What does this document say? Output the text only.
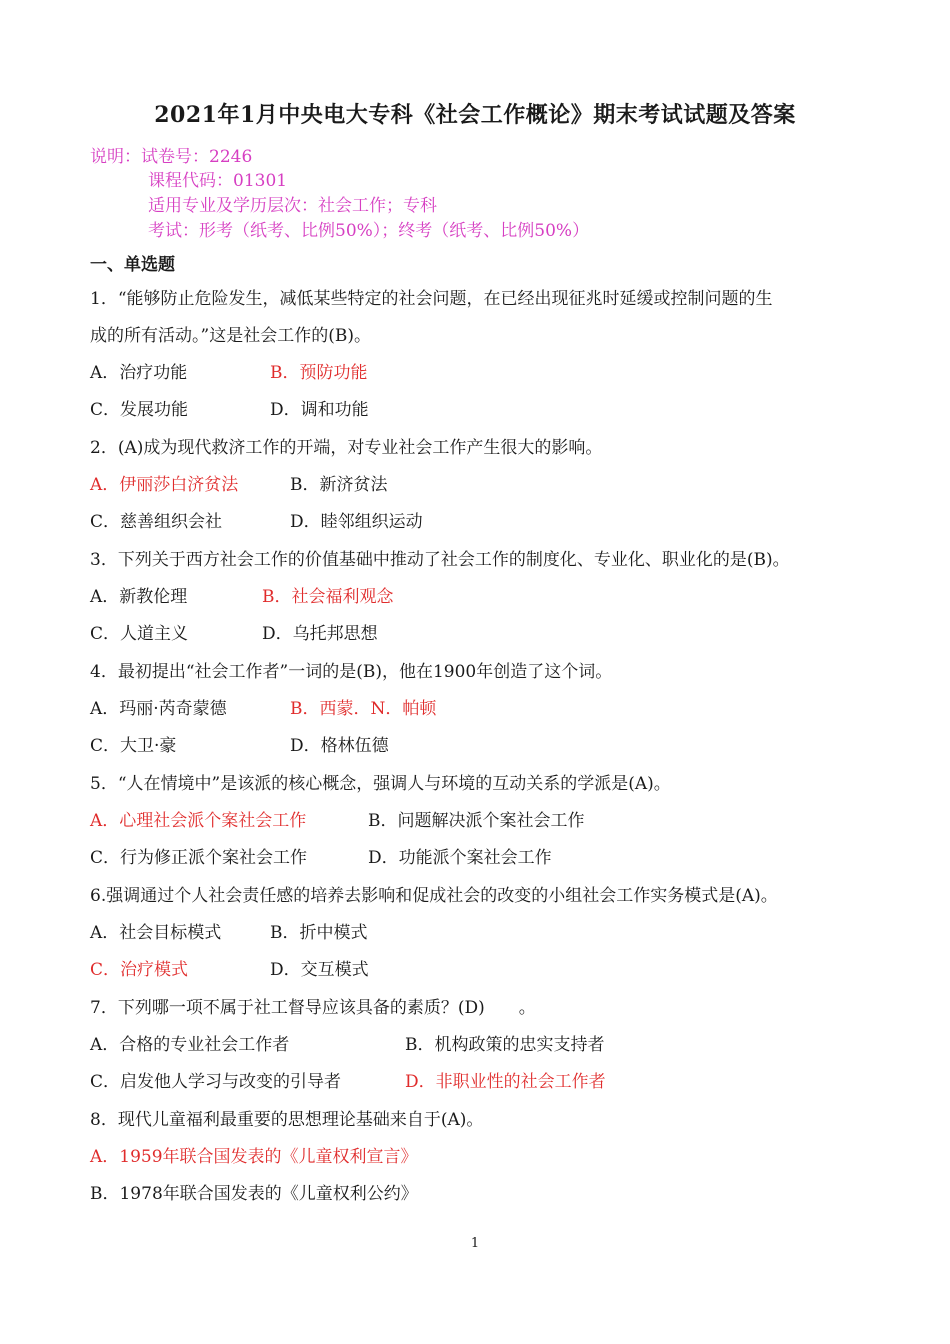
2021年1月中央电大专科《社会工作概论》期末考试试题及答案
说明：试卷号：2246
课程代码：01301
适用专业及学历层次：社会工作；专科
考试：形考（纸考、比例50%）；终考（纸考、比例50%）
一、单选题
1．“能够防止危险发生，减低某些特定的社会问题，在已经出现征兆时延缓或控制问题的生
成的所有活动。”这是社会工作的(B)。
A．治疗功能	B．预防功能
C．发展功能	D．调和功能
2．(A)成为现代救济工作的开端，对专业社会工作产生很大的影响。
A．伊丽莎白济贫法	B．新济贫法
C．慈善组织会社	D．睦邻组织运动
3．下列关于西方社会工作的价值基础中推动了社会工作的制度化、专业化、职业化的是(B)。
A．新教伦理	B．社会福利观念
C．人道主义	D．乌托邦思想
4．最初提出“社会工作者”一词的是(B)，他在1900年创造了这个词。
A．玛丽·芮奇蒙德	B．西蒙．N．帕顿
C．大卫·豪	D．格林伍德
5．“人在情境中”是该派的核心概念，强调人与环境的互动关系的学派是(A)。
A．心理社会派个案社会工作	B．问题解决派个案社会工作
C．行为修正派个案社会工作	D．功能派个案社会工作
6.强调通过个人社会责任感的培养去影响和促成社会的改变的小组社会工作实务模式是(A)。
A．社会目标模式	B．折中模式
C．治疗模式	D．交互模式
7．下列哪一项不属于社工督导应该具备的素质？(D)　　。
A．合格的专业社会工作者	B．机构政策的忠实支持者
C．启发他人学习与改变的引导者	D．非职业性的社会工作者
8．现代儿童福利最重要的思想理论基础来自于(A)。
A．1959年联合国发表的《儿童权利宣言》
B．1978年联合国发表的《儿童权利公约》
1
